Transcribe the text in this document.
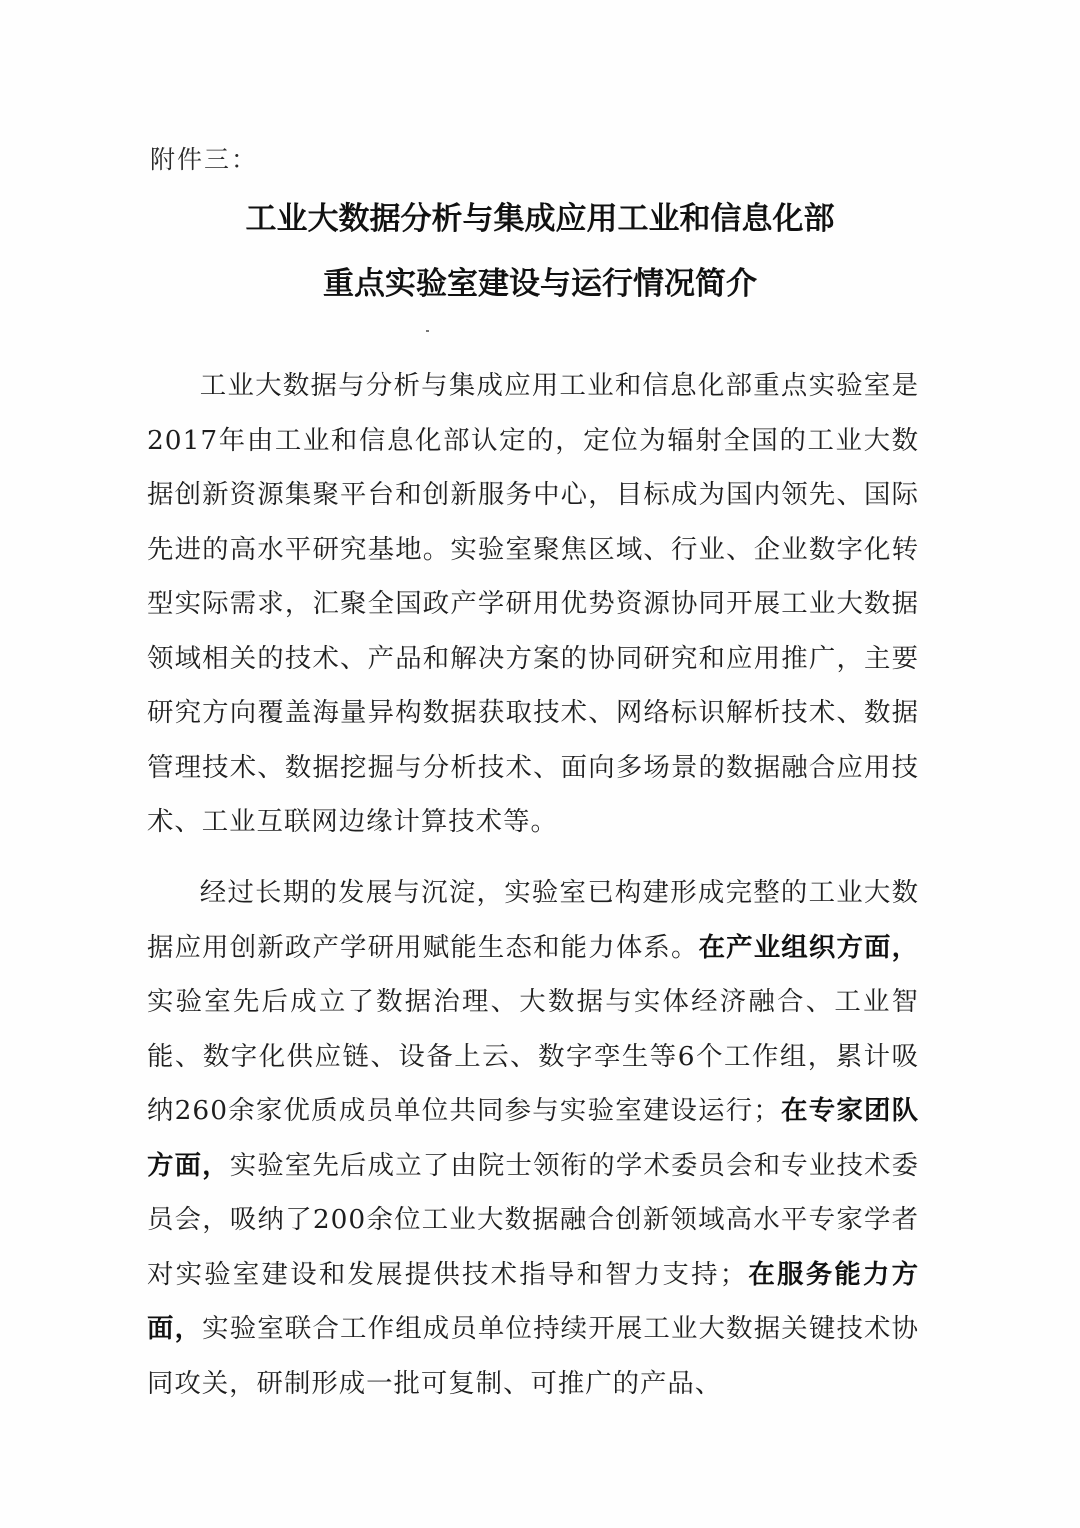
附件三：
工业大数据分析与集成应用工业和信息化部
重点实验室建设与运行情况简介

工业大数据与分析与集成应用工业和信息化部重点实验室是2017年由工业和信息化部认定的，定位为辐射全国的工业大数据创新资源集聚平台和创新服务中心，目标成为国内领先、国际先进的高水平研究基地。实验室聚焦区域、行业、企业数字化转型实际需求，汇聚全国政产学研用优势资源协同开展工业大数据领域相关的技术、产品和解决方案的协同研究和应用推广，主要研究方向覆盖海量异构数据获取技术、网络标识解析技术、数据管理技术、数据挖掘与分析技术、面向多场景的数据融合应用技术、工业互联网边缘计算技术等。

经过长期的发展与沉淀，实验室已构建形成完整的工业大数据应用创新政产学研用赋能生态和能力体系。在产业组织方面，实验室先后成立了数据治理、大数据与实体经济融合、工业智能、数字化供应链、设备上云、数字孪生等6个工作组，累计吸纳260余家优质成员单位共同参与实验室建设运行；在专家团队方面，实验室先后成立了由院士领衔的学术委员会和专业技术委员会，吸纳了200余位工业大数据融合创新领域高水平专家学者对实验室建设和发展提供技术指导和智力支持；在服务能力方面，实验室联合工作组成员单位持续开展工业大数据关键技术协同攻关，研制形成一批可复制、可推广的产品、
